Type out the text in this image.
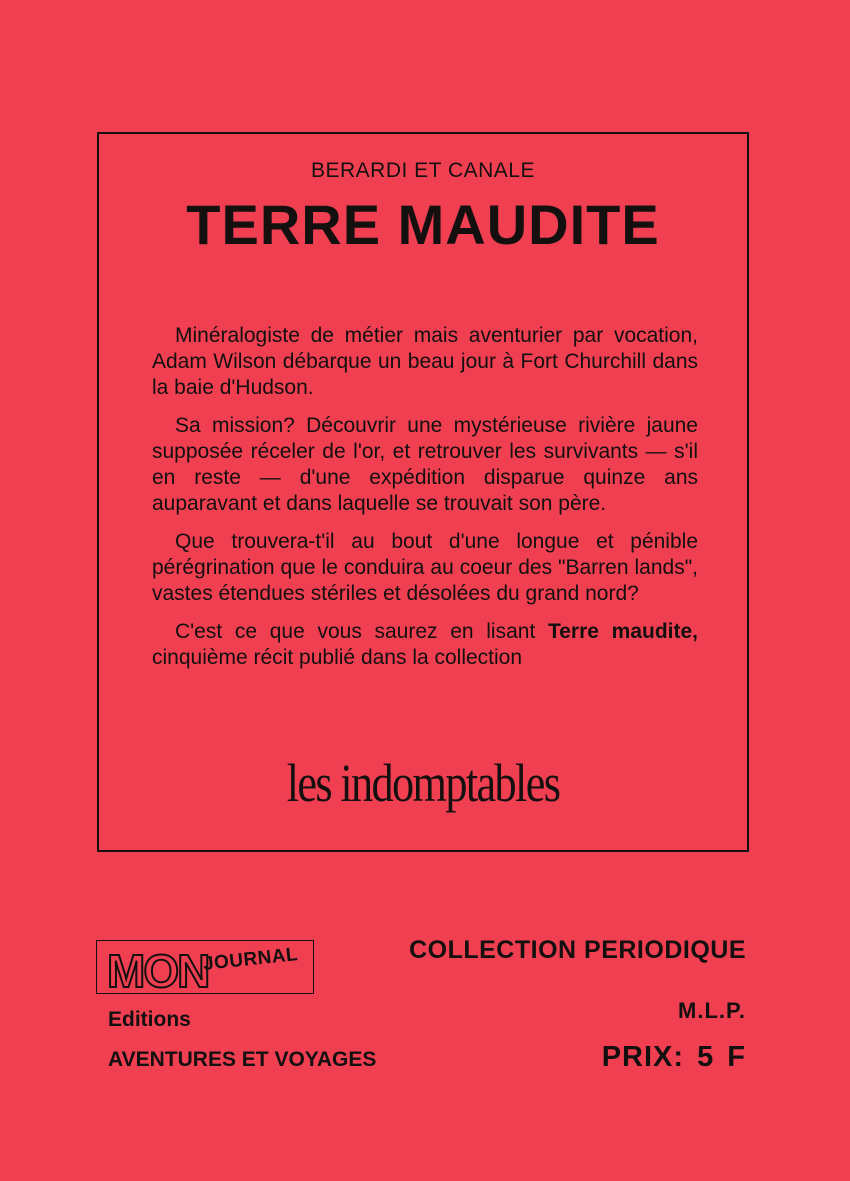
BERARDI ET CANALE
TERRE MAUDITE

Minéralogiste de métier mais aventurier par vocation, Adam Wilson débarque un beau jour à Fort Churchill dans la baie d'Hudson.

Sa mission? Découvrir une mystérieuse rivière jaune supposée réceler de l'or, et retrouver les survivants — s'il en reste — d'une expédition disparue quinze ans auparavant et dans laquelle se trouvait son père.

Que trouvera-t'il au bout d'une longue et pénible pérégrination que le conduira au coeur des "Barren lands", vastes étendues stériles et désolées du grand nord?

C'est ce que vous saurez en lisant Terre maudite, cinquième récit publié dans la collection

les indomptables
MON
JOURNAL
Editions
AVENTURES ET VOYAGES
COLLECTION PERIODIQUE
M.L.P.
PRIX: 5 F
